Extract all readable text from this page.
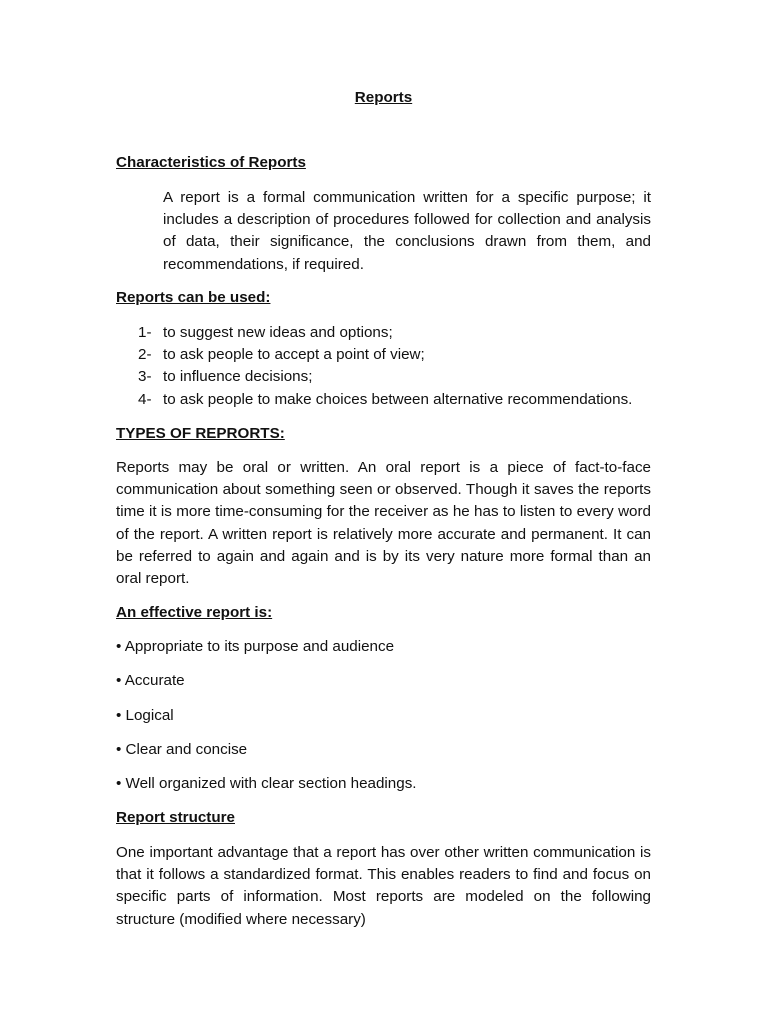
Reports
Characteristics of Reports

A report is a formal communication written for a specific purpose; it includes a description of procedures followed for collection and analysis of data, their significance, the conclusions drawn from them, and recommendations, if required.

Reports can be used:
1- to suggest new ideas and options;
2- to ask people to accept a point of view;
3- to influence decisions;
4- to ask people to make choices between alternative recommendations.
TYPES OF REPRORTS:

Reports may be oral or written. An oral report is a piece of fact-to-face communication about something seen or observed. Though it saves the reports time it is more time-consuming for the receiver as he has to listen to every word of the report. A written report is relatively more accurate and permanent. It can be referred to again and again and is by its very nature more formal than an oral report.

An effective report is:

• Appropriate to its purpose and audience

• Accurate

• Logical

• Clear and concise

• Well organized with clear section headings.

Report structure

One important advantage that a report has over other written communication is that it follows a standardized format. This enables readers to find and focus on specific parts of information. Most reports are modeled on the following structure (modified where necessary)
